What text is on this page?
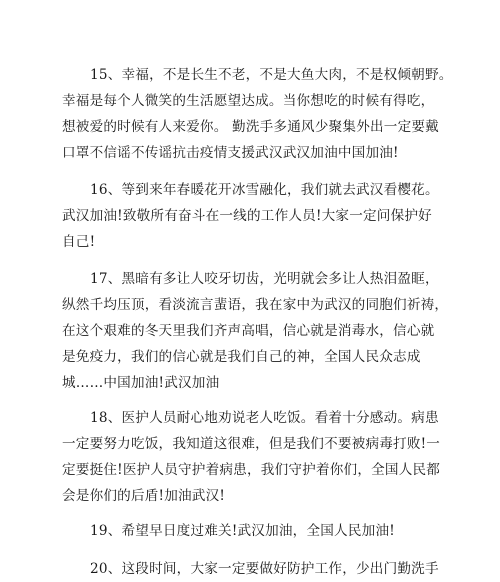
15、幸福，不是长生不老，不是大鱼大肉，不是权倾朝野。
幸福是每个人微笑的生活愿望达成。当你想吃的时候有得吃，
想被爱的时候有人来爱你。 勤洗手多通风少聚集外出一定要戴
口罩不信谣不传谣抗击疫情支援武汉武汉加油中国加油!

16、等到来年春暖花开冰雪融化，我们就去武汉看樱花。
武汉加油!致敬所有奋斗在一线的工作人员!大家一定问保护好
自己!

17、黑暗有多让人咬牙切齿，光明就会多让人热泪盈眶，
纵然千均压顶，看淡流言蜚语，我在家中为武汉的同胞们祈祷，
在这个艰难的冬天里我们齐声高唱，信心就是消毒水，信心就
是免疫力，我们的信心就是我们自己的神，全国人民众志成
城……中国加油!武汉加油

18、医护人员耐心地劝说老人吃饭。看着十分感动。病患
一定要努力吃饭，我知道这很难，但是我们不要被病毒打败!一
定要挺住!医护人员守护着病患，我们守护着你们，全国人民都
会是你们的后盾!加油武汉!

19、希望早日度过难关!武汉加油，全国人民加油!

20、这段时间，大家一定要做好防护工作，少出门勤洗手
